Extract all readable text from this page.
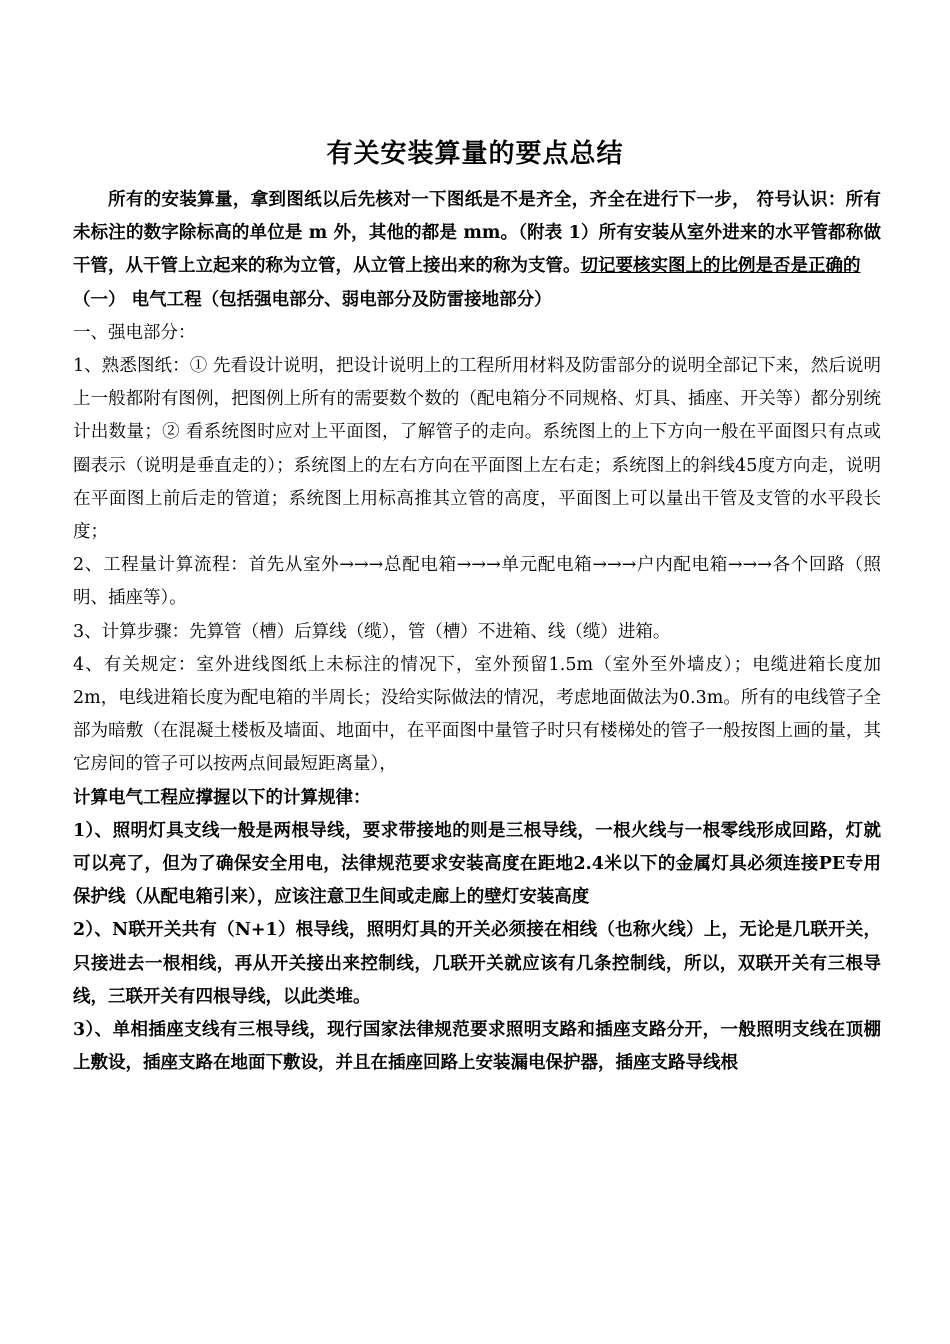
有关安装算量的要点总结

所有的安装算量，拿到图纸以后先核对一下图纸是不是齐全，齐全在进行下一步， 符号认识：所有未标注的数字除标高的单位是 m 外，其他的都是 mm。（附表 1）所有安装从室外进来的水平管都称做干管，从干管上立起来的称为立管，从立管上接出来的称为支管。切记要核实图上的比例是否是正确的

（一） 电气工程（包括强电部分、弱电部分及防雷接地部分）

一、强电部分：

1、熟悉图纸：① 先看设计说明，把设计说明上的工程所用材料及防雷部分的说明全部记下来，然后说明上一般都附有图例，把图例上所有的需要数个数的（配电箱分不同规格、灯具、插座、开关等）都分别统计出数量；② 看系统图时应对上平面图，了解管子的走向。系统图上的上下方向一般在平面图只有点或圈表示（说明是垂直走的）；系统图上的左右方向在平面图上左右走；系统图上的斜线45度方向走，说明在平面图上前后走的管道；系统图上用标高推其立管的高度，平面图上可以量出干管及支管的水平段长度；

2、工程量计算流程：首先从室外→→→总配电箱→→→单元配电箱→→→户内配电箱→→→各个回路（照明、插座等）。

3、计算步骤：先算管（槽）后算线（缆），管（槽）不进箱、线（缆）进箱。

4、有关规定：室外进线图纸上未标注的情况下，室外预留1.5m（室外至外墙皮）；电缆进箱长度加2m，电线进箱长度为配电箱的半周长；没给实际做法的情况，考虑地面做法为0.3m。所有的电线管子全部为暗敷（在混凝土楼板及墙面、地面中，在平面图中量管子时只有楼梯处的管子一般按图上画的量，其它房间的管子可以按两点间最短距离量），

计算电气工程应撑握以下的计算规律：

1）、照明灯具支线一般是两根导线，要求带接地的则是三根导线，一根火线与一根零线形成回路，灯就可以亮了，但为了确保安全用电，法律规范要求安装高度在距地2.4米以下的金属灯具必须连接PE专用保护线（从配电箱引来），应该注意卫生间或走廊上的壁灯安装高度

2）、N联开关共有（N+1）根导线，照明灯具的开关必须接在相线（也称火线）上，无论是几联开关，只接进去一根相线，再从开关接出来控制线，几联开关就应该有几条控制线，所以，双联开关有三根导线，三联开关有四根导线，以此类堆。

3）、单相插座支线有三根导线，现行国家法律规范要求照明支路和插座支路分开，一般照明支线在顶棚上敷设，插座支路在地面下敷设，并且在插座回路上安装漏电保护器，插座支路导线根
